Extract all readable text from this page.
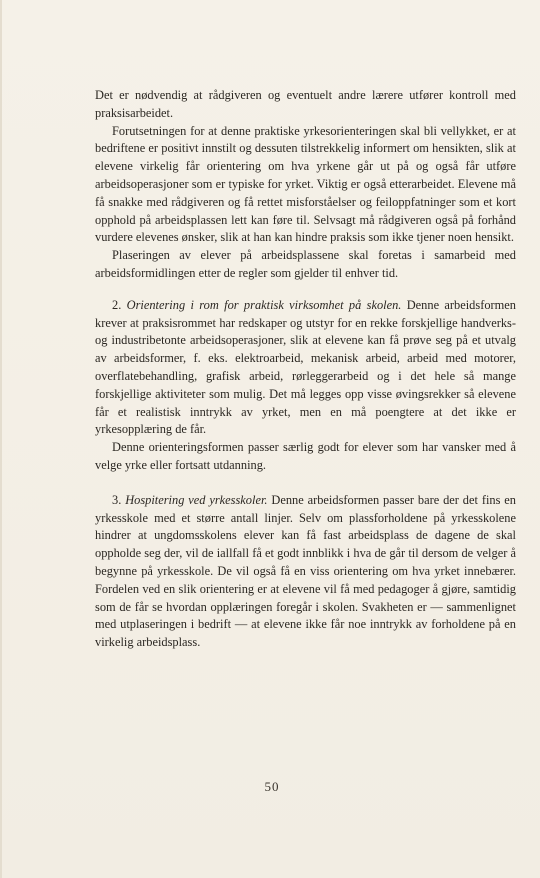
Det er nødvendig at rådgiveren og eventuelt andre lærere utfører kontroll med praksisarbeidet.

Forutsetningen for at denne praktiske yrkesorienteringen skal bli vellykket, er at bedriftene er positivt innstilt og dessuten tilstrekkelig informert om hensikten, slik at elevene virkelig får orientering om hva yrkene går ut på og også får utføre arbeidsoperasjoner som er typiske for yrket. Viktig er også etterarbeidet. Elevene må få snakke med rådgiveren og få rettet misforståelser og feiloppfatninger som et kort opphold på arbeidsplassen lett kan føre til. Selvsagt må rådgiveren også på forhånd vurdere elevenes ønsker, slik at han kan hindre praksis som ikke tjener noen hensikt.

Plaseringen av elever på arbeidsplassene skal foretas i samarbeid med arbeidsformidlingen etter de regler som gjelder til enhver tid.

2. Orientering i rom for praktisk virksomhet på skolen. Denne arbeidsformen krever at praksisrommet har redskaper og utstyr for en rekke forskjellige handverks- og industribetonte arbeidsoperasjoner, slik at elevene kan få prøve seg på et utvalg av arbeidsformer, f. eks. elektroarbeid, mekanisk arbeid, arbeid med motorer, overflatebehandling, grafisk arbeid, rørleggerarbeid og i det hele så mange forskjellige aktiviteter som mulig. Det må legges opp visse øvingsrekker så elevene får et realistisk inntrykk av yrket, men en må poengtere at det ikke er yrkesopplæring de får.

Denne orienteringsformen passer særlig godt for elever som har vansker med å velge yrke eller fortsatt utdanning.

3. Hospitering ved yrkesskoler. Denne arbeidsformen passer bare der det fins en yrkesskole med et større antall linjer. Selv om plassforholdene på yrkesskolene hindrer at ungdomsskolens elever kan få fast arbeidsplass de dagene de skal oppholde seg der, vil de iallfall få et godt innblikk i hva de går til dersom de velger å begynne på yrkesskole. De vil også få en viss orientering om hva yrket innebærer. Fordelen ved en slik orientering er at elevene vil få med pedagoger å gjøre, samtidig som de får se hvordan opplæringen foregår i skolen. Svakheten er — sammenlignet med utplaseringen i bedrift — at elevene ikke får noe inntrykk av forholdene på en virkelig arbeidsplass.

50
